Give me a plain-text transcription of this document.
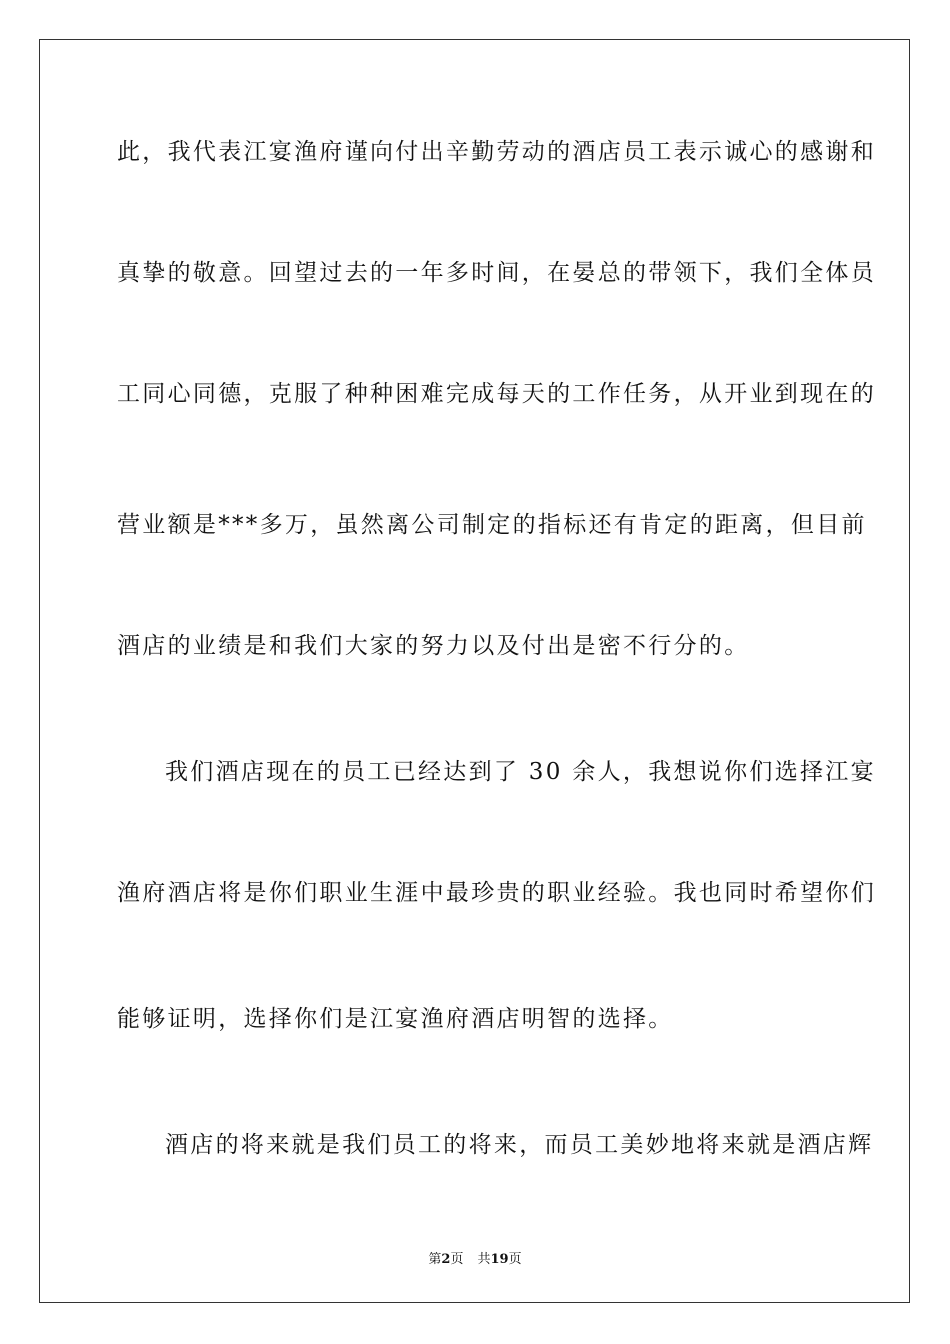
此，我代表江宴渔府谨向付出辛勤劳动的酒店员工表示诚心的感谢和
真挚的敬意。回望过去的一年多时间，在晏总的带领下，我们全体员
工同心同德，克服了种种困难完成每天的工作任务，从开业到现在的
营业额是***多万，虽然离公司制定的指标还有肯定的距离，但目前
酒店的业绩是和我们大家的努力以及付出是密不行分的。
我们酒店现在的员工已经达到了 30 余人，我想说你们选择江宴
渔府酒店将是你们职业生涯中最珍贵的职业经验。我也同时希望你们
能够证明，选择你们是江宴渔府酒店明智的选择。
酒店的将来就是我们员工的将来，而员工美妙地将来就是酒店辉
第2页 共19页
